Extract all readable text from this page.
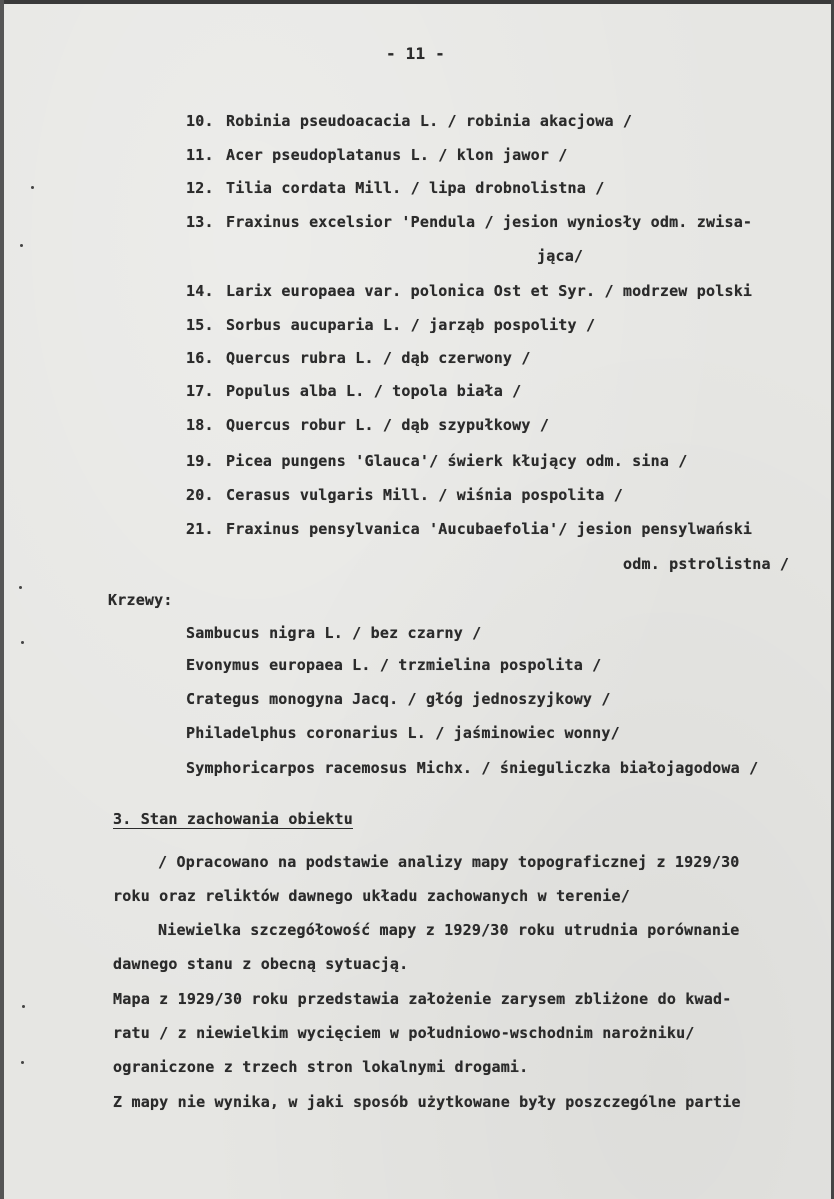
- 11 -
10. Robinia pseudoacacia L. / robinia akacjowa /
11. Acer pseudoplatanus L. / klon jawor /
12. Tilia cordata Mill. / lipa drobnolistna /
13. Fraxinus excelsior 'Pendula / jesion wyniosły odm. zwisa-
jąca/
14. Larix europaea var. polonica Ost et Syr. / modrzew polski
15. Sorbus aucuparia L. / jarząb pospolity /
16. Quercus rubra L. / dąb czerwony /
17. Populus alba L. / topola biała /
18. Quercus robur L. / dąb szypułkowy /
19. Picea pungens 'Glauca'/ świerk kłujący odm. sina /
20. Cerasus vulgaris Mill. / wiśnia pospolita /
21. Fraxinus pensylvanica 'Aucubaefolia'/ jesion pensylwański
odm. pstrolistna /
Krzewy:
Sambucus nigra L. / bez czarny /
Evonymus europaea L. / trzmielina pospolita /
Crategus monogyna Jacq. / głóg jednoszyjkowy /
Philadelphus coronarius L. / jaśminowiec wonny/
Symphoricarpos racemosus Michx. / śnieguliczka białojagodowa /
3. Stan zachowania obiektu
/ Opracowano na podstawie analizy mapy topograficznej z 1929/30
roku oraz reliktów dawnego układu zachowanych w terenie/
Niewielka szczegółowość mapy z 1929/30 roku utrudnia porównanie
dawnego stanu z obecną sytuacją.
Mapa z 1929/30 roku przedstawia założenie zarysem zbliżone do kwad-
ratu / z niewielkim wycięciem w południowo-wschodnim narożniku/
ograniczone z trzech stron lokalnymi drogami.
Z mapy nie wynika, w jaki sposób użytkowane były poszczególne partie
